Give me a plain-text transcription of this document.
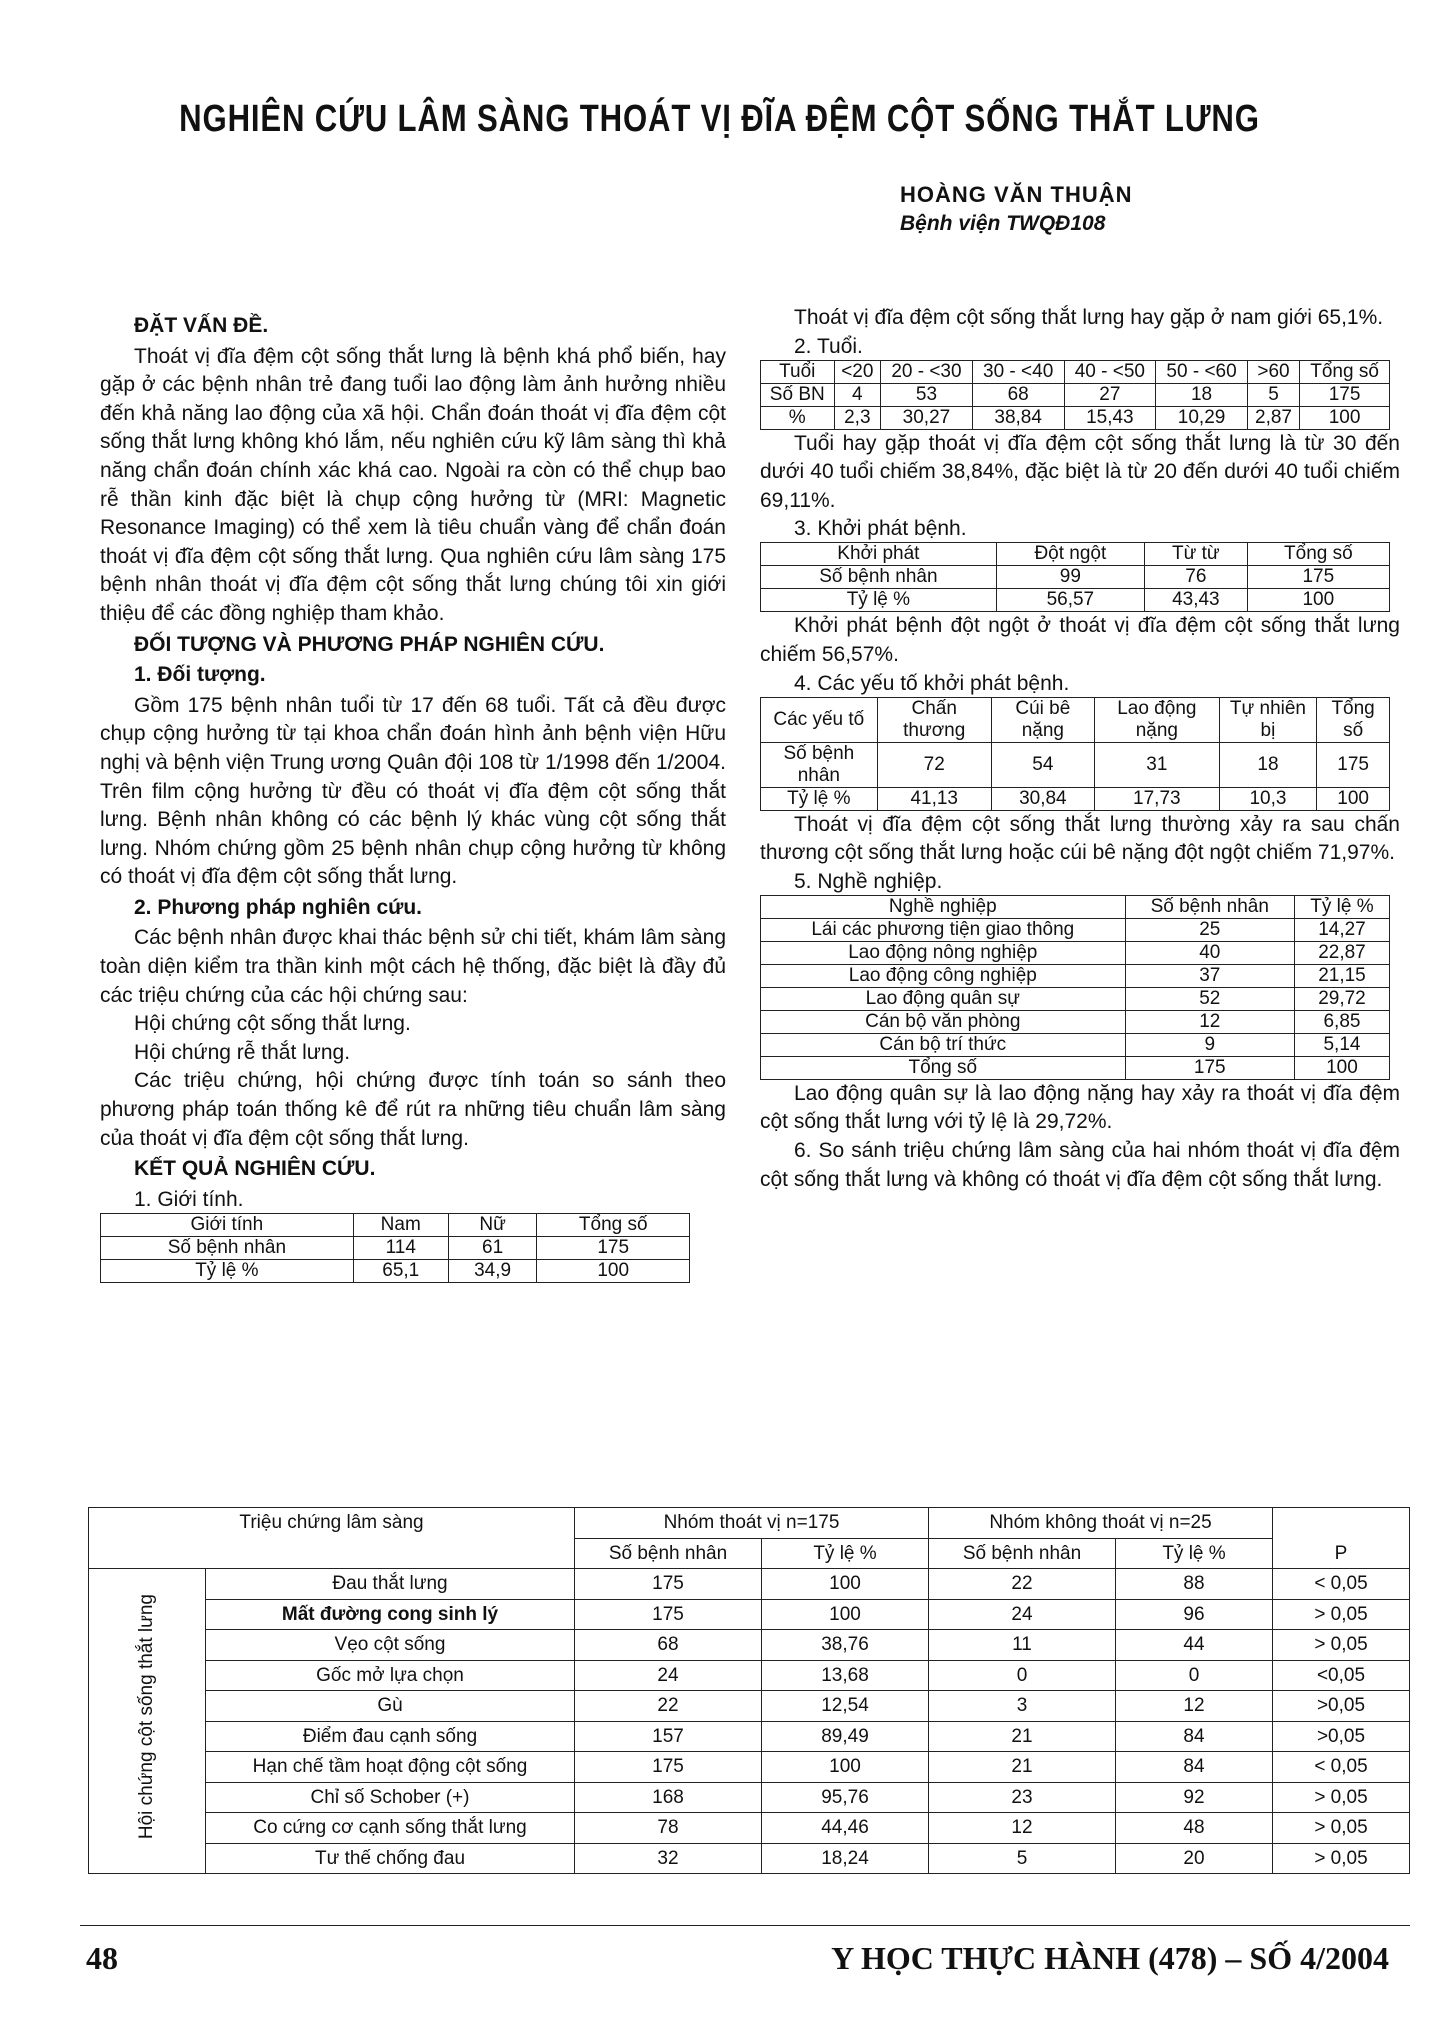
NGHIÊN CỨU LÂM SÀNG THOÁT VỊ ĐĨA ĐỆM CỘT SỐNG THẮT LƯNG
HOÀNG VĂN THUẬN
Bệnh viện TWQĐ108
ĐẶT VẤN ĐỀ.

Thoát vị đĩa đệm cột sống thắt lưng là bệnh khá phổ biến, hay gặp ở các bệnh nhân trẻ đang tuổi lao động làm ảnh hưởng nhiều đến khả năng lao động của xã hội. Chẩn đoán thoát vị đĩa đệm cột sống thắt lưng không khó lắm, nếu nghiên cứu kỹ lâm sàng thì khả năng chẩn đoán chính xác khá cao. Ngoài ra còn có thể chụp bao rễ thần kinh đặc biệt là chụp cộng hưởng từ (MRI: Magnetic Resonance Imaging) có thể xem là tiêu chuẩn vàng để chẩn đoán thoát vị đĩa đệm cột sống thắt lưng. Qua nghiên cứu lâm sàng 175 bệnh nhân thoát vị đĩa đệm cột sống thắt lưng chúng tôi xin giới thiệu để các đồng nghiệp tham khảo.

ĐỐI TƯỢNG VÀ PHƯƠNG PHÁP NGHIÊN CỨU.
1. Đối tượng.

Gồm 175 bệnh nhân tuổi từ 17 đến 68 tuổi. Tất cả đều được chụp cộng hưởng từ tại khoa chẩn đoán hình ảnh bệnh viện Hữu nghị và bệnh viện Trung ương Quân đội 108 từ 1/1998 đến 1/2004. Trên film cộng hưởng từ đều có thoát vị đĩa đệm cột sống thắt lưng. Bệnh nhân không có các bệnh lý khác vùng cột sống thắt lưng. Nhóm chứng gồm 25 bệnh nhân chụp cộng hưởng từ không có thoát vị đĩa đệm cột sống thắt lưng.

2. Phương pháp nghiên cứu.

Các bệnh nhân được khai thác bệnh sử chi tiết, khám lâm sàng toàn diện kiểm tra thần kinh một cách hệ thống, đặc biệt là đầy đủ các triệu chứng của các hội chứng sau:

Hội chứng cột sống thắt lưng.
Hội chứng rễ thắt lưng.

Các triệu chứng, hội chứng được tính toán so sánh theo phương pháp toán thống kê để rút ra những tiêu chuẩn lâm sàng của thoát vị đĩa đệm cột sống thắt lưng.

KẾT QUẢ NGHIÊN CỨU.
1. Giới tính.
Giới tính	Nam	Nữ	Tổng số
Số bệnh nhân	114	61	175
Tỷ lệ %	65,1	34,9	100

Thoát vị đĩa đệm cột sống thắt lưng hay gặp ở nam giới 65,1%.

2. Tuổi.
Tuổi	<20	20 - <30	30 - <40	40 - <50	50 - <60	>60	Tổng số
Số BN	4	53	68	27	18	5	175
%	2,3	30,27	38,84	15,43	10,29	2,87	100

Tuổi hay gặp thoát vị đĩa đệm cột sống thắt lưng là từ 30 đến dưới 40 tuổi chiếm 38,84%, đặc biệt là từ 20 đến dưới 40 tuổi chiếm 69,11%.

3. Khởi phát bệnh.
Khởi phát	Đột ngột	Từ từ	Tổng số
Số bệnh nhân	99	76	175
Tỷ lệ %	56,57	43,43	100

Khởi phát bệnh đột ngột ở thoát vị đĩa đệm cột sống thắt lưng chiếm 56,57%.

4. Các yếu tố khởi phát bệnh.
Các yếu tố	Chấn thương	Cúi bê nặng	Lao động nặng	Tự nhiên bị	Tổng số
Số bệnh nhân	72	54	31	18	175
Tỷ lệ %	41,13	30,84	17,73	10,3	100

Thoát vị đĩa đệm cột sống thắt lưng thường xảy ra sau chấn thương cột sống thắt lưng hoặc cúi bê nặng đột ngột chiếm 71,97%.

5. Nghề nghiệp.
Nghề nghiệp	Số bệnh nhân	Tỷ lệ %
Lái các phương tiện giao thông	25	14,27
Lao động nông nghiệp	40	22,87
Lao động công nghiệp	37	21,15
Lao động quân sự	52	29,72
Cán bộ văn phòng	12	6,85
Cán bộ trí thức	9	5,14
Tổng số	175	100

Lao động quân sự là lao động nặng hay xảy ra thoát vị đĩa đệm cột sống thắt lưng với tỷ lệ là 29,72%.

6. So sánh triệu chứng lâm sàng của hai nhóm thoát vị đĩa đệm cột sống thắt lưng và không có thoát vị đĩa đệm cột sống thắt lưng.

Triệu chứng lâm sàng		Nhóm thoát vị n=175		Nhóm không thoát vị n=25		P
		Số bệnh nhân	Tỷ lệ %	Số bệnh nhân	Tỷ lệ %	
Hội chứng cột sống thắt lưng	Đau thắt lưng	175	100	22	88	< 0,05
	Mất đường cong sinh lý	175	100	24	96	> 0,05
	Vẹo cột sống	68	38,76	11	44	> 0,05
	Gốc mở lựa chọn	24	13,68	0	0	<0,05
	Gù	22	12,54	3	12	>0,05
	Điểm đau cạnh sống	157	89,49	21	84	>0,05
	Hạn chế tầm hoạt động cột sống	175	100	21	84	< 0,05
	Chỉ số Schober (+)	168	95,76	23	92	> 0,05
	Co cứng cơ cạnh sống thắt lưng	78	44,46	12	48	> 0,05
	Tư thế chống đau	32	18,24	5	20	> 0,05
48	Y HỌC THỰC HÀNH (478) – SỐ 4/2004
